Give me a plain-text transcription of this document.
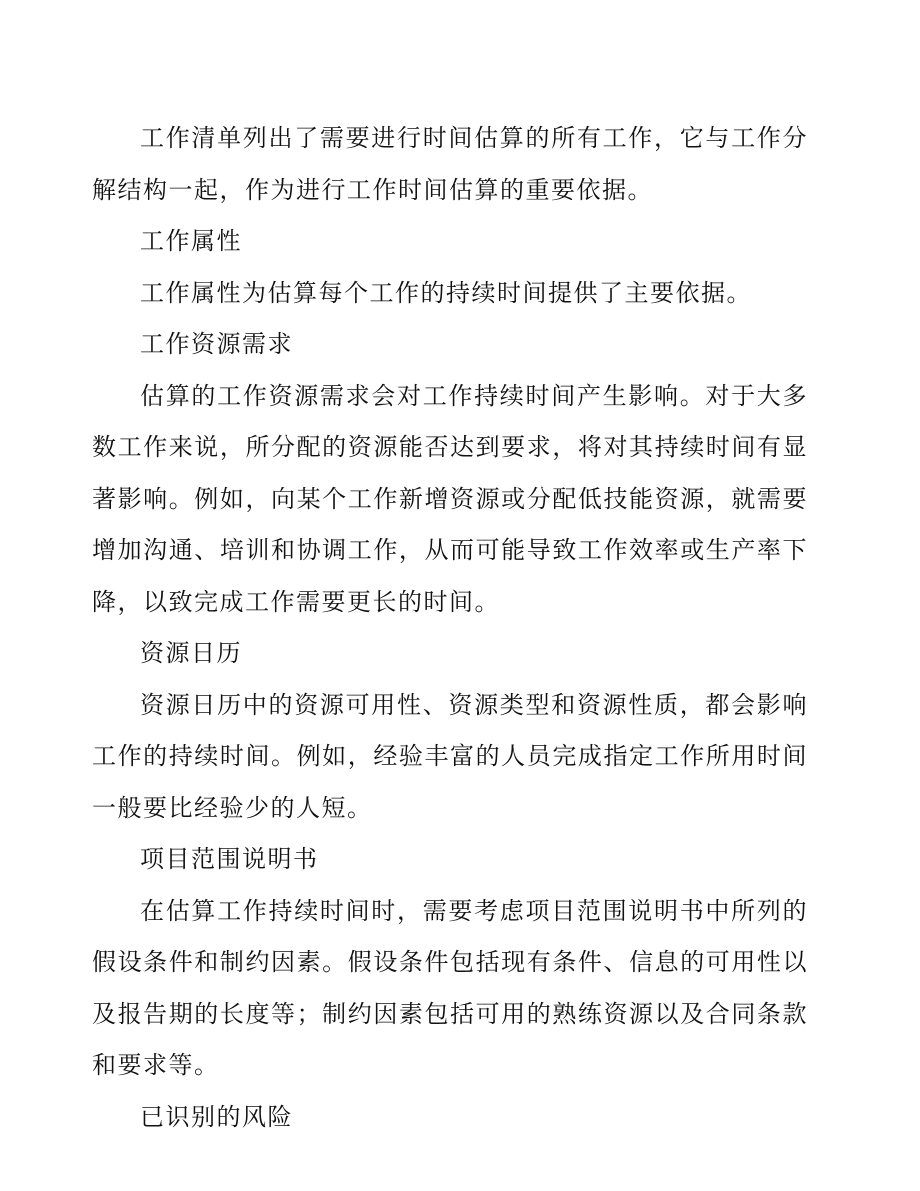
工作清单列出了需要进行时间估算的所有工作，它与工作分解结构一起，作为进行工作时间估算的重要依据。

工作属性

工作属性为估算每个工作的持续时间提供了主要依据。

工作资源需求

估算的工作资源需求会对工作持续时间产生影响。对于大多数工作来说，所分配的资源能否达到要求，将对其持续时间有显著影响。例如，向某个工作新增资源或分配低技能资源，就需要增加沟通、培训和协调工作，从而可能导致工作效率或生产率下降，以致完成工作需要更长的时间。

资源日历

资源日历中的资源可用性、资源类型和资源性质，都会影响工作的持续时间。例如，经验丰富的人员完成指定工作所用时间一般要比经验少的人短。

项目范围说明书

在估算工作持续时间时，需要考虑项目范围说明书中所列的假设条件和制约因素。假设条件包括现有条件、信息的可用性以及报告期的长度等；制约因素包括可用的熟练资源以及合同条款和要求等。

已识别的风险
